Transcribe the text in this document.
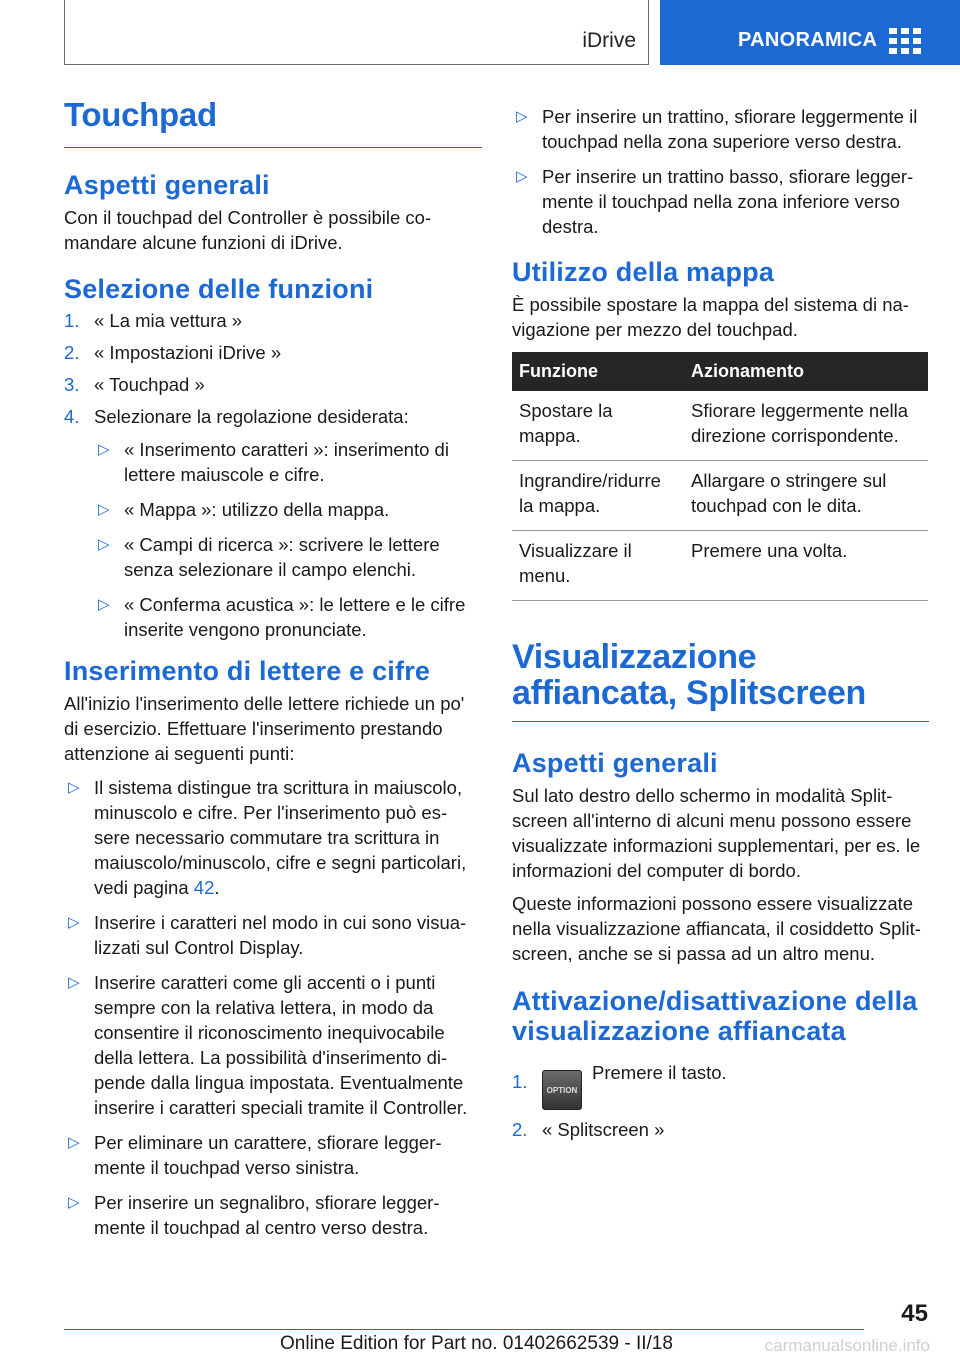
iDrive	PANORAMICA
Touchpad
Aspetti generali

Con il touchpad del Controller è possibile co-mandare alcune funzioni di iDrive.

Selezione delle funzioni
1. « La mia vettura »
2. « Impostazioni iDrive »
3. « Touchpad »
4. Selezionare la regolazione desiderata:
▷ « Inserimento caratteri »: inserimento di lettere maiuscole e cifre.
▷ « Mappa »: utilizzo della mappa.
▷ « Campi di ricerca »: scrivere le lettere senza selezionare il campo elenchi.
▷ « Conferma acustica »: le lettere e le cifre inserite vengono pronunciate.
Inserimento di lettere e cifre

All'inizio l'inserimento delle lettere richiede un po' di esercizio. Effettuare l'inserimento prestando attenzione ai seguenti punti:

▷ Il sistema distingue tra scrittura in maiuscolo, minuscolo e cifre. Per l'inserimento può es-sere necessario commutare tra scrittura in maiuscolo/minuscolo, cifre e segni particolari, vedi pagina 42.
▷ Inserire i caratteri nel modo in cui sono visua-lizzati sul Control Display.
▷ Inserire caratteri come gli accenti o i punti sempre con la relativa lettera, in modo da consentire il riconoscimento inequivocabile della lettera. La possibilità d'inserimento di-pende dalla lingua impostata. Eventualmente inserire i caratteri speciali tramite il Controller.
▷ Per eliminare un carattere, sfiorare legger-mente il touchpad verso sinistra.
▷ Per inserire un segnalibro, sfiorare legger-mente il touchpad al centro verso destra.
▷ Per inserire un trattino, sfiorare leggermente il touchpad nella zona superiore verso destra.
▷ Per inserire un trattino basso, sfiorare legger-mente il touchpad nella zona inferiore verso destra.
Utilizzo della mappa

È possibile spostare la mappa del sistema di na-vigazione per mezzo del touchpad.

Funzione	Azionamento
Spostare la mappa.	Sfiorare leggermente nella direzione corrispondente.
Ingrandire/ridurre la mappa.	Allargare o stringere sul touchpad con le dita.
Visualizzare il menu.	Premere una volta.
Visualizzazione affiancata, Splitscreen
Aspetti generali

Sul lato destro dello schermo in modalità Split-screen all'interno di alcuni menu possono essere visualizzate informazioni supplementari, per es. le informazioni del computer di bordo.

Queste informazioni possono essere visualizzate nella visualizzazione affiancata, il cosiddetto Split-screen, anche se si passa ad un altro menu.

Attivazione/disattivazione della visualizzazione affiancata
1. OPTIONPremere il tasto.
2. « Splitscreen »
45
Online Edition for Part no. 01402662539 - II/18	carmanualsonline.info
